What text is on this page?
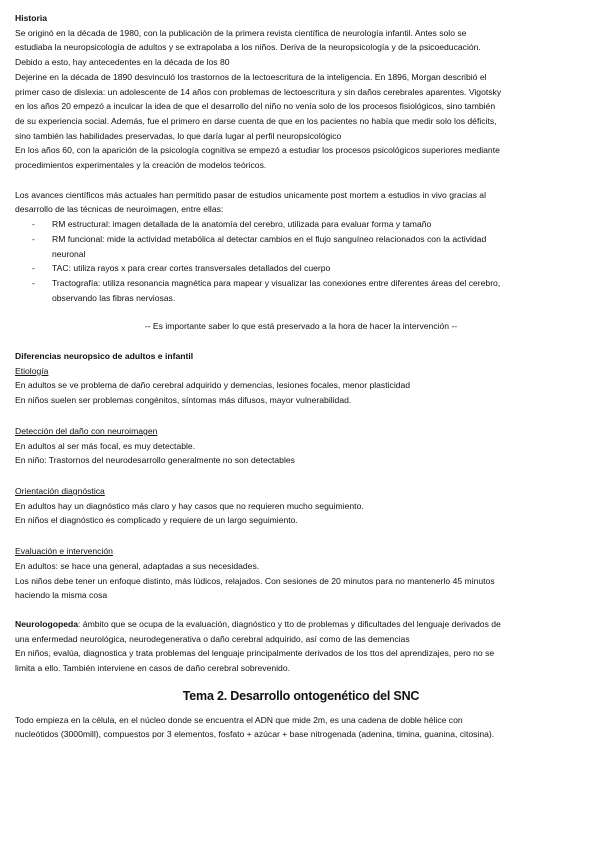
Historia

Se originó en la década de 1980, con la publicación de la primera revista científica de neurología infantil. Antes solo se

estudiaba la neuropsicología de adultos y se extrapolaba a los niños. Deriva de la neuropsicología y de la psicoeducación.

Debido a esto, hay antecedentes en la década de los 80

Dejerine en la década de 1890 desvinculó los trastornos de la lectoescritura de la inteligencia. En 1896, Morgan describió el

primer caso de dislexia: un adolescente de 14 años con problemas de lectoescritura y sin daños cerebrales aparentes. Vigotsky

en los años 20 empezó a inculcar la idea de que el desarrollo del niño no venía solo de los procesos fisiológicos, sino también

de su experiencia social. Además, fue el primero en darse cuenta de que en los pacientes no había que medir solo los déficits,

sino también las habilidades preservadas, lo que daría lugar al perfil neuropsicológico

En los años 60, con la aparición de la psicología cognitiva se empezó a estudiar los procesos psicológicos superiores mediante

procedimientos experimentales y la creación de modelos teóricos.

Los avances científicos más actuales han permitido pasar de estudios unicamente post mortem a estudios in vivo gracias al

desarrollo de las técnicas de neuroimagen, entre ellas:

- RM estructural: imagen detallada de la anatomía del cerebro, utilizada para evaluar forma y tamaño
- RM funcional: mide la actividad metabólica al detectar cambios en el flujo sanguíneo relacionados con la actividad
neuronal
- TAC: utiliza rayos x para crear cortes transversales detallados del cuerpo
- Tractografía: utiliza resonancia magnética para mapear y visualizar las conexiones entre diferentes áreas del cerebro,
observando las fibras nerviosas.

-- Es importante saber lo que está preservado a la hora de hacer la intervención --

Diferencias neuropsico de adultos e infantil

Etiología

En adultos se ve problema de daño cerebral adquirido y demencias, lesiones focales, menor plasticidad

En niños suelen ser problemas congénitos, síntomas más difusos, mayor vulnerabilidad.

Detección del daño con neuroimagen

En adultos al ser más focal, es muy detectable.

En niño: Trastornos del neurodesarrollo generalmente no son detectables

Orientación diagnóstica

En adultos hay un diagnóstico más claro y hay casos que no requieren mucho seguimiento.

En niños el diagnóstico es complicado y requiere de un largo seguimiento.

Evaluación e intervención

En adultos: se hace una general, adaptadas a sus necesidades.

Los niños debe tener un enfoque distinto, más lúdicos, relajados. Con sesiones de 20 minutos para no mantenerlo 45 minutos

haciendo la misma cosa

Neurologopeda: ámbito que se ocupa de la evaluación, diagnóstico y tto de problemas y dificultades del lenguaje derivados de

una enfermedad neurológica, neurodegenerativa o daño cerebral adquirido, así como de las demencias

En niños, evalúa, diagnostica y trata problemas del lenguaje principalmente derivados de los ttos del aprendizajes, pero no se

limita a ello. También interviene en casos de daño cerebral sobrevenido.

Tema 2. Desarrollo ontogenético del SNC

Todo empieza en la célula, en el núcleo donde se encuentra el ADN que mide 2m, es una cadena de doble hélice con

nucleótidos (3000mill), compuestos por 3 elementos, fosfato + azúcar + base nitrogenada (adenina, timina, guanina, citosina).
